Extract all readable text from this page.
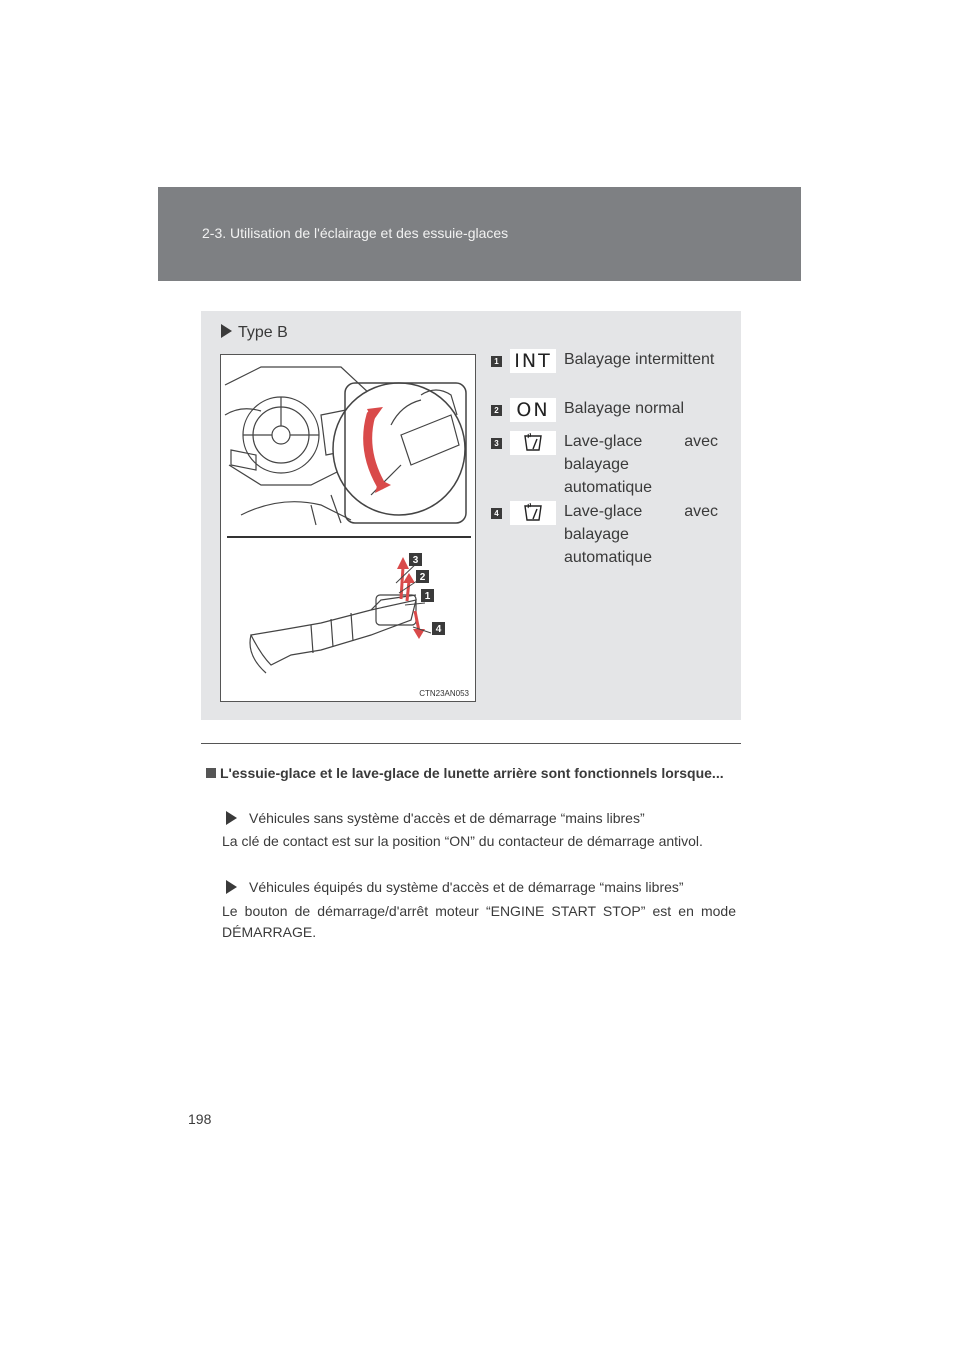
2-3. Utilisation de l'éclairage et des essuie-glaces
Type B
3
2
1
4
CTN23AN053
1 INT Balayage intermittent
2 ON Balayage normal
3	Lave-glace avec balayage automatique
4	Lave-glace avec balayage automatique
L'essuie-glace et le lave-glace de lunette arrière sont fonctionnels lorsque...
Véhicules sans système d'accès et de démarrage “mains libres”
La clé de contact est sur la position “ON” du contacteur de démarrage antivol.
Véhicules équipés du système d'accès et de démarrage “mains libres”
Le bouton de démarrage/d'arrêt moteur “ENGINE START STOP” est en mode DÉMARRAGE.
198
